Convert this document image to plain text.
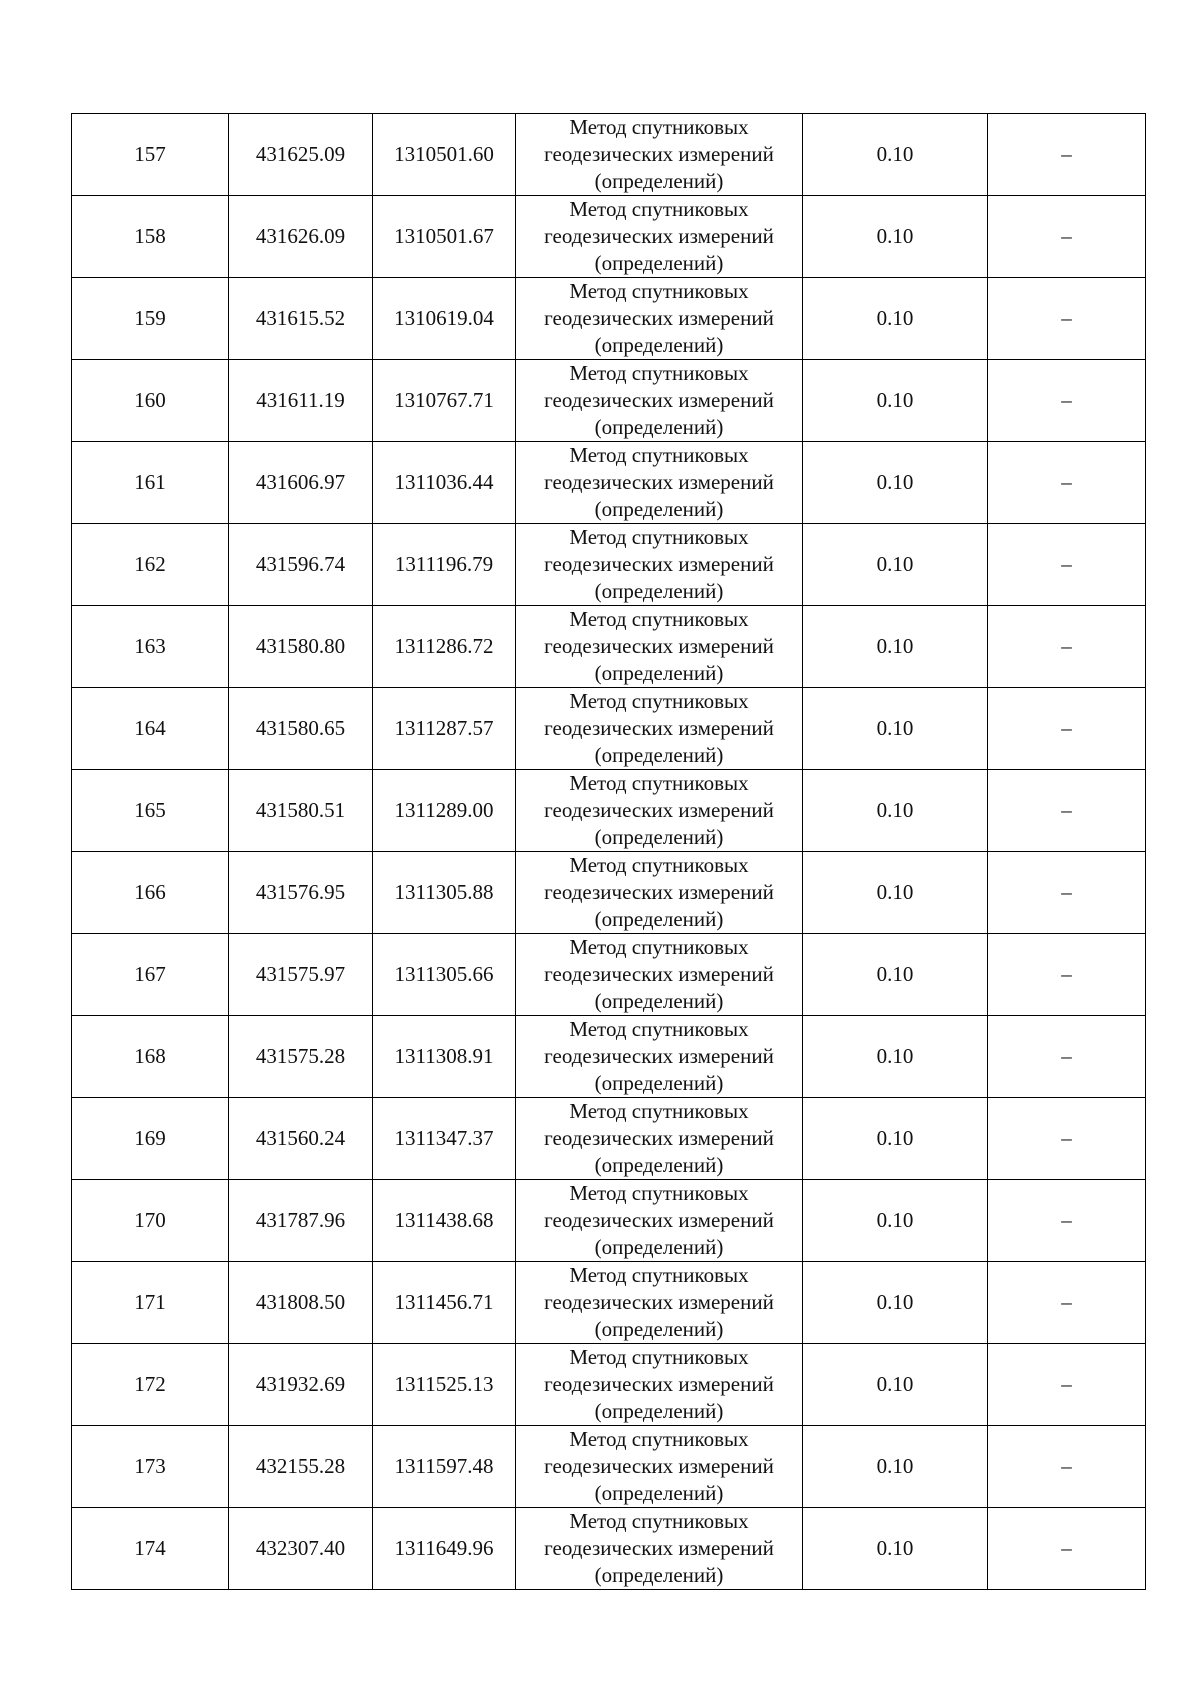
157	431625.09	1310501.60	Метод спутниковых
геодезических измерений
(определений)	0.10	–
158	431626.09	1310501.67	Метод спутниковых
геодезических измерений
(определений)	0.10	–
159	431615.52	1310619.04	Метод спутниковых
геодезических измерений
(определений)	0.10	–
160	431611.19	1310767.71	Метод спутниковых
геодезических измерений
(определений)	0.10	–
161	431606.97	1311036.44	Метод спутниковых
геодезических измерений
(определений)	0.10	–
162	431596.74	1311196.79	Метод спутниковых
геодезических измерений
(определений)	0.10	–
163	431580.80	1311286.72	Метод спутниковых
геодезических измерений
(определений)	0.10	–
164	431580.65	1311287.57	Метод спутниковых
геодезических измерений
(определений)	0.10	–
165	431580.51	1311289.00	Метод спутниковых
геодезических измерений
(определений)	0.10	–
166	431576.95	1311305.88	Метод спутниковых
геодезических измерений
(определений)	0.10	–
167	431575.97	1311305.66	Метод спутниковых
геодезических измерений
(определений)	0.10	–
168	431575.28	1311308.91	Метод спутниковых
геодезических измерений
(определений)	0.10	–
169	431560.24	1311347.37	Метод спутниковых
геодезических измерений
(определений)	0.10	–
170	431787.96	1311438.68	Метод спутниковых
геодезических измерений
(определений)	0.10	–
171	431808.50	1311456.71	Метод спутниковых
геодезических измерений
(определений)	0.10	–
172	431932.69	1311525.13	Метод спутниковых
геодезических измерений
(определений)	0.10	–
173	432155.28	1311597.48	Метод спутниковых
геодезических измерений
(определений)	0.10	–
174	432307.40	1311649.96	Метод спутниковых
геодезических измерений
(определений)	0.10	–
